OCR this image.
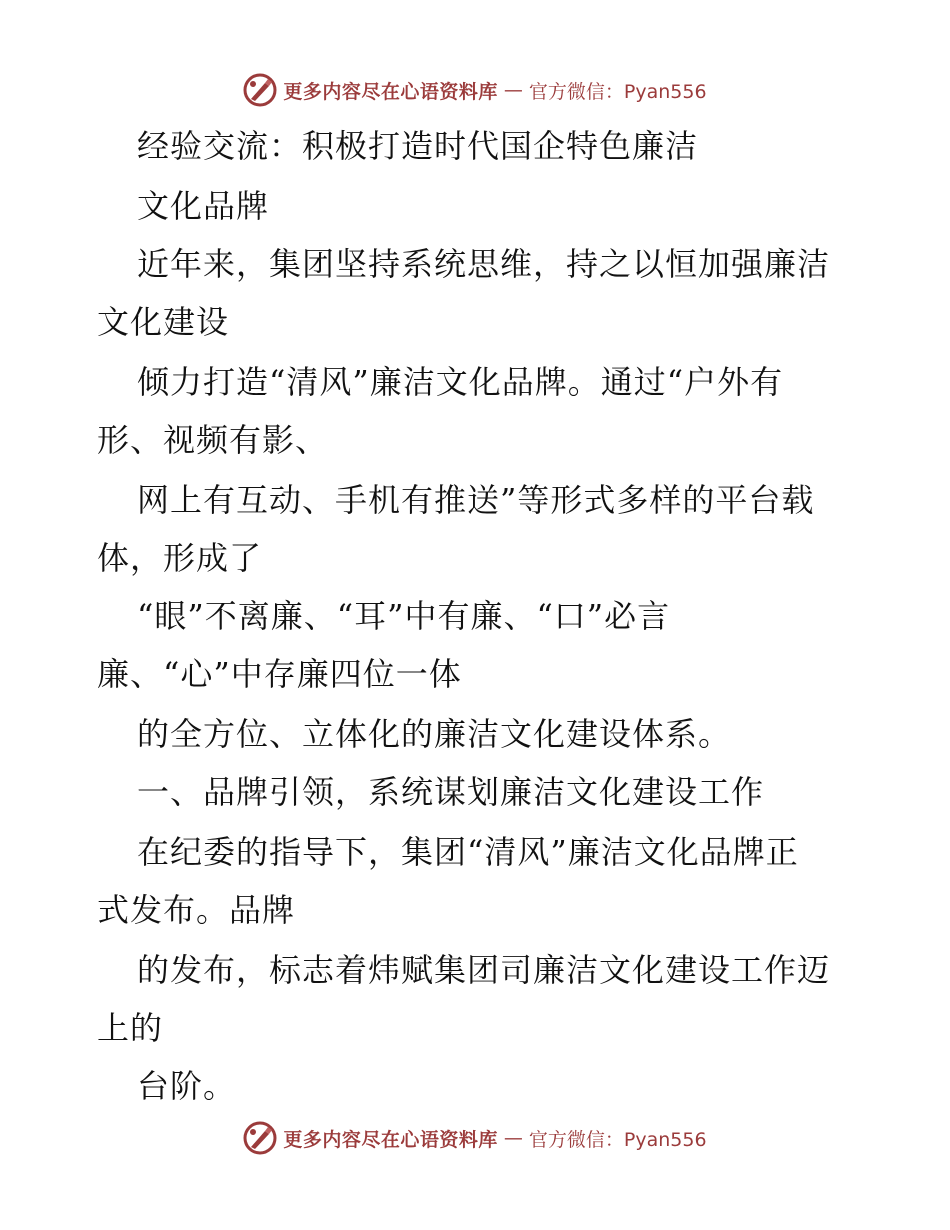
更多内容尽在心语资料库 — 官方微信：Pyan556
经验交流：积极打造时代国企特色廉洁
文化品牌
近年来，集团坚持系统思维，持之以恒加强廉洁
文化建设
倾力打造“清风”廉洁文化品牌。通过“户外有
形、视频有影、
网上有互动、手机有推送”等形式多样的平台载
体，形成了
“眼”不离廉、“耳”中有廉、“口”必言
廉、“心”中存廉四位一体
的全方位、立体化的廉洁文化建设体系。
一、品牌引领，系统谋划廉洁文化建设工作
在纪委的指导下，集团“清风”廉洁文化品牌正
式发布。品牌
的发布，标志着炜赋集团司廉洁文化建设工作迈
上的
台阶。
更多内容尽在心语资料库 — 官方微信：Pyan556
